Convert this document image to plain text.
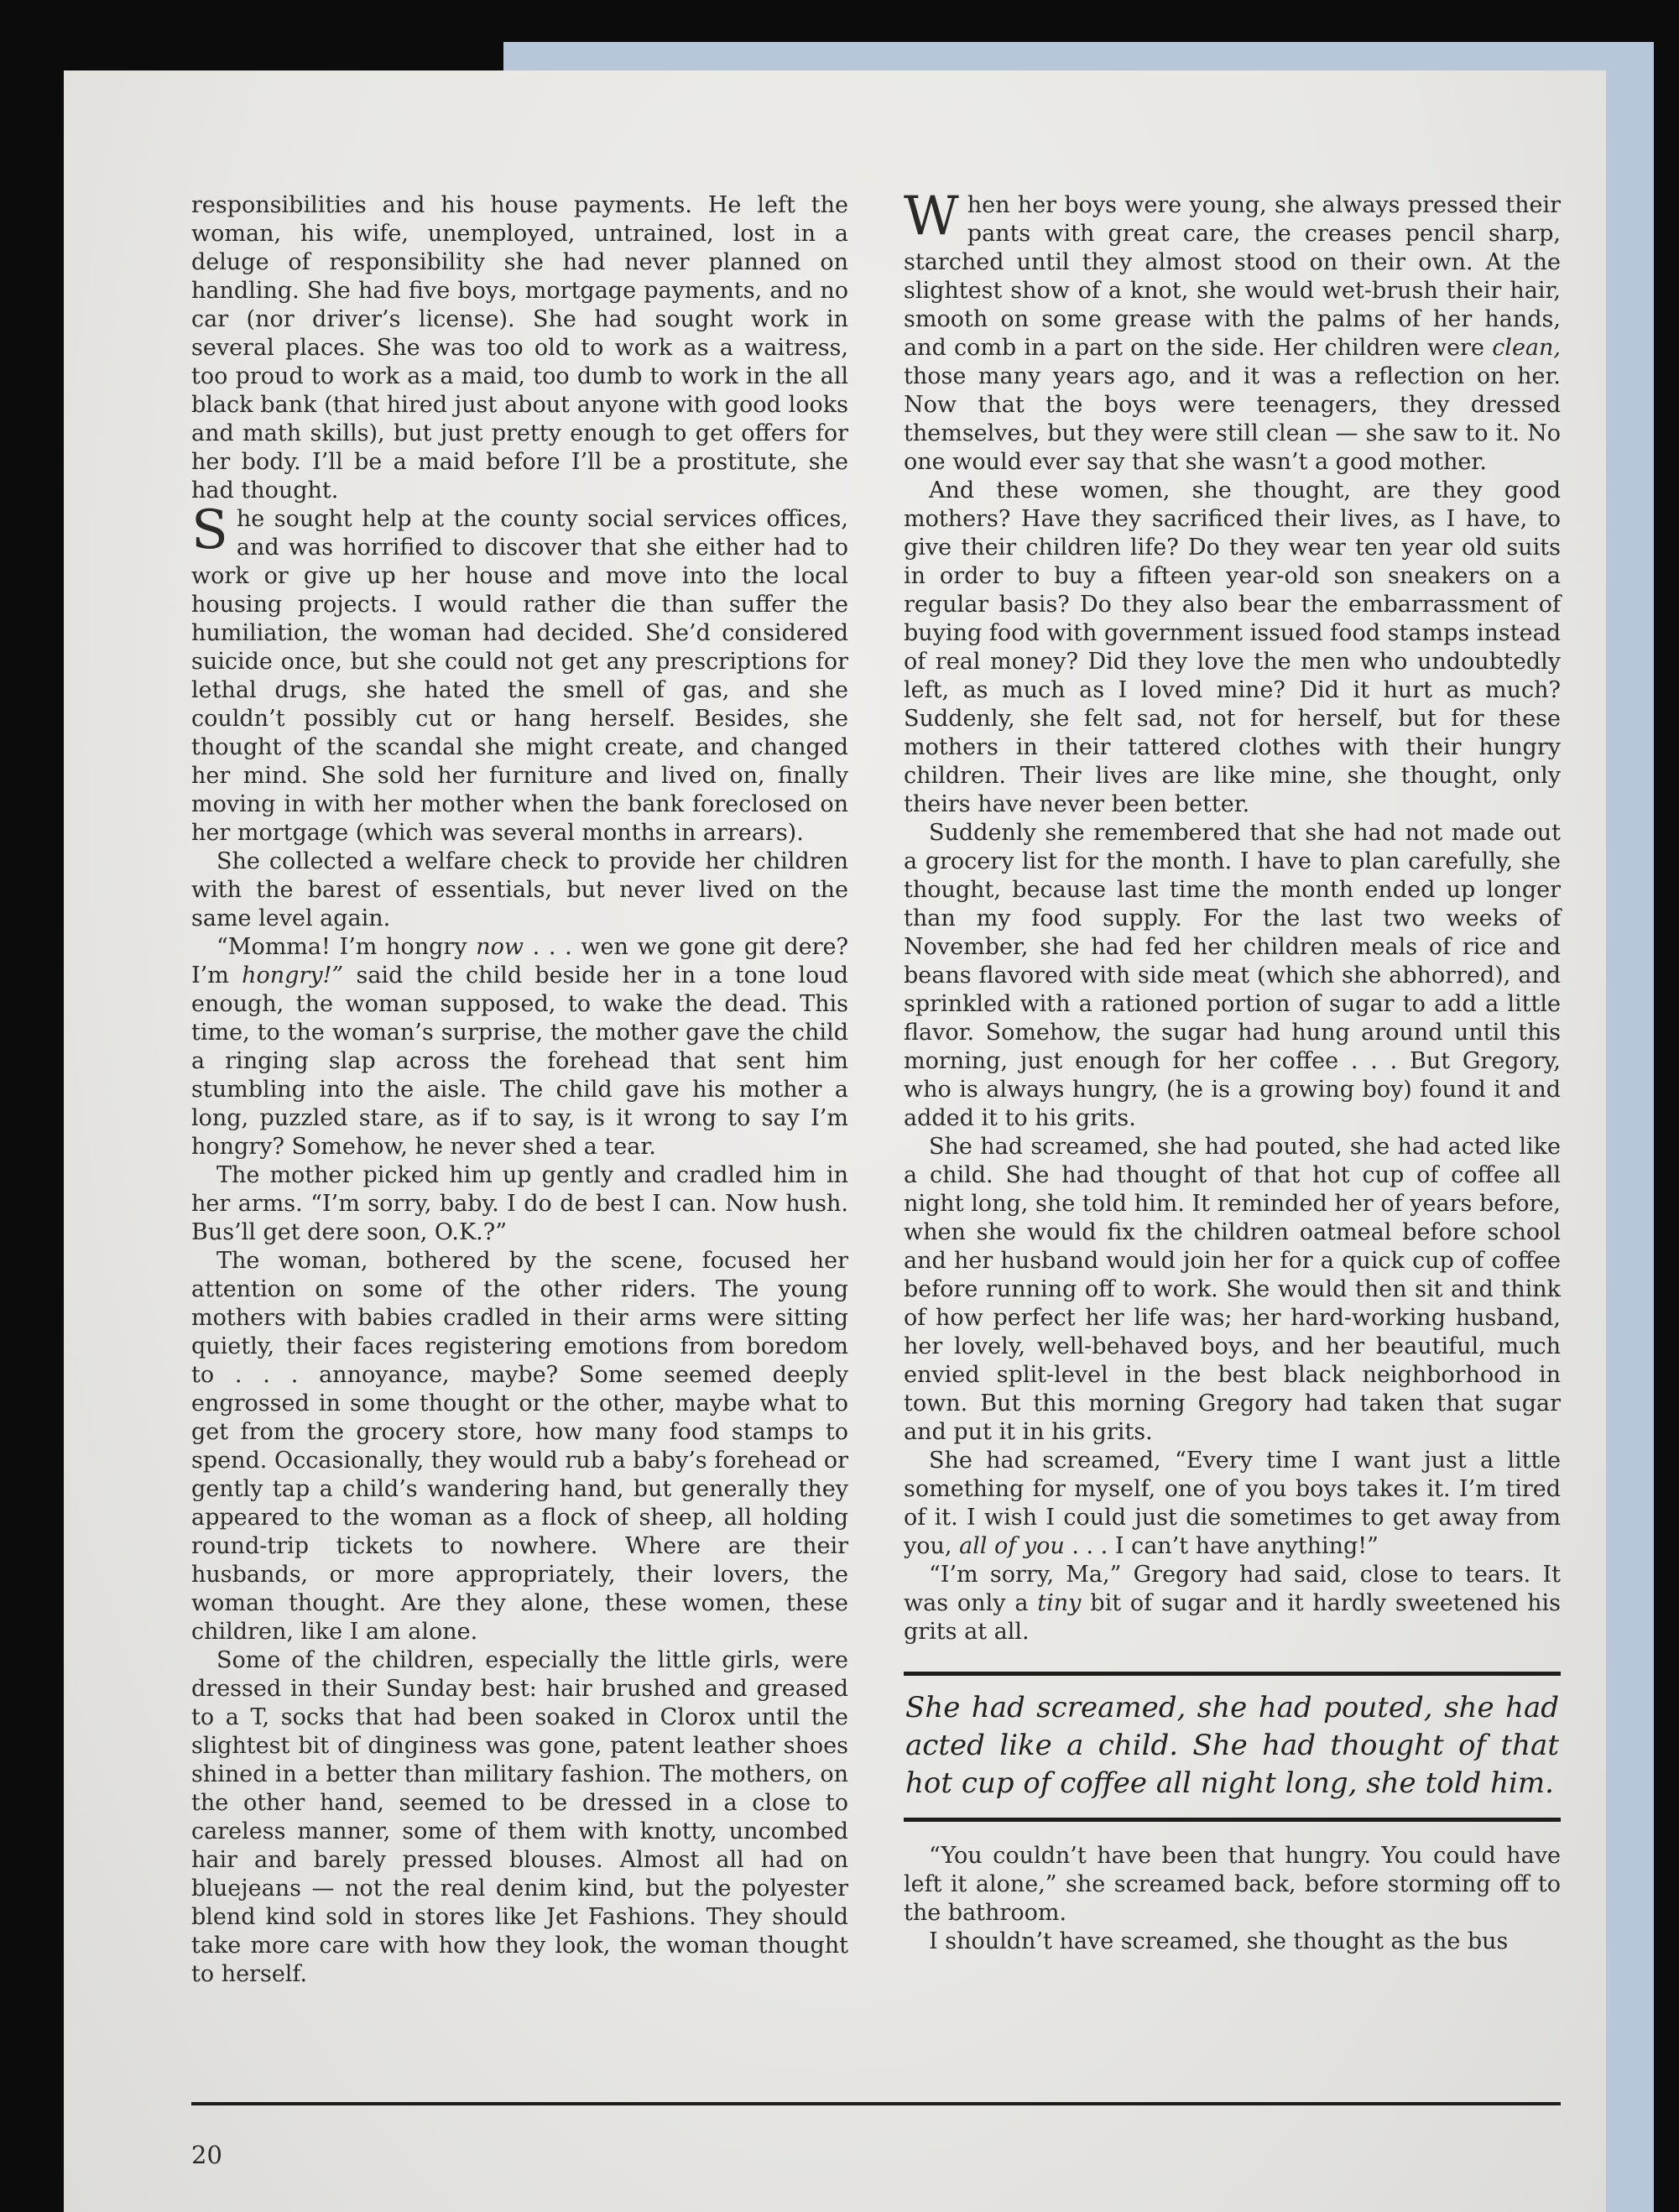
responsibilities and his house payments. He left the woman, his wife, unemployed, untrained, lost in a deluge of responsibility she had never planned on handling. She had five boys, mortgage payments, and no car (nor driver’s license). She had sought work in several places. She was too old to work as a waitress, too proud to work as a maid, too dumb to work in the all black bank (that hired just about anyone with good looks and math skills), but just pretty enough to get offers for her body. I’ll be a maid before I’ll be a prostitute, she had thought.

She sought help at the county social services offices, and was horrified to discover that she either had to work or give up her house and move into the local housing projects. I would rather die than suffer the humiliation, the woman had decided. She’d considered suicide once, but she could not get any prescriptions for lethal drugs, she hated the smell of gas, and she couldn’t possibly cut or hang herself. Besides, she thought of the scandal she might create, and changed her mind. She sold her furniture and lived on, finally moving in with her mother when the bank foreclosed on her mortgage (which was several months in arrears).

She collected a welfare check to provide her children with the barest of essentials, but never lived on the same level again.

“Momma! I’m hongry now . . . wen we gone git dere? I’m hongry!” said the child beside her in a tone loud enough, the woman supposed, to wake the dead. This time, to the woman’s surprise, the mother gave the child a ringing slap across the forehead that sent him stumbling into the aisle. The child gave his mother a long, puzzled stare, as if to say, is it wrong to say I’m hongry? Somehow, he never shed a tear.

The mother picked him up gently and cradled him in her arms. “I’m sorry, baby. I do de best I can. Now hush. Bus’ll get dere soon, O.K.?”

The woman, bothered by the scene, focused her attention on some of the other riders. The young mothers with babies cradled in their arms were sitting quietly, their faces registering emotions from boredom to . . . annoyance, maybe? Some seemed deeply engrossed in some thought or the other, maybe what to get from the grocery store, how many food stamps to spend. Occasionally, they would rub a baby’s forehead or gently tap a child’s wandering hand, but generally they appeared to the woman as a flock of sheep, all holding round-trip tickets to nowhere. Where are their husbands, or more appropriately, their lovers, the woman thought. Are they alone, these women, these children, like I am alone.

Some of the children, especially the little girls, were dressed in their Sunday best: hair brushed and greased to a T, socks that had been soaked in Clorox until the slightest bit of dinginess was gone, patent leather shoes shined in a better than military fashion. The mothers, on the other hand, seemed to be dressed in a close to careless manner, some of them with knotty, uncombed hair and barely pressed blouses. Almost all had on bluejeans — not the real denim kind, but the polyester blend kind sold in stores like Jet Fashions. They should take more care with how they look, the woman thought to herself.

When her boys were young, she always pressed their pants with great care, the creases pencil sharp, starched until they almost stood on their own. At the slightest show of a knot, she would wet-brush their hair, smooth on some grease with the palms of her hands, and comb in a part on the side. Her children were clean, those many years ago, and it was a reflection on her. Now that the boys were teenagers, they dressed themselves, but they were still clean — she saw to it. No one would ever say that she wasn’t a good mother.

And these women, she thought, are they good mothers? Have they sacrificed their lives, as I have, to give their children life? Do they wear ten year old suits in order to buy a fifteen year-old son sneakers on a regular basis? Do they also bear the embarrassment of buying food with government issued food stamps instead of real money? Did they love the men who undoubtedly left, as much as I loved mine? Did it hurt as much? Suddenly, she felt sad, not for herself, but for these mothers in their tattered clothes with their hungry children. Their lives are like mine, she thought, only theirs have never been better.

Suddenly she remembered that she had not made out a grocery list for the month. I have to plan carefully, she thought, because last time the month ended up longer than my food supply. For the last two weeks of November, she had fed her children meals of rice and beans flavored with side meat (which she abhorred), and sprinkled with a rationed portion of sugar to add a little flavor. Somehow, the sugar had hung around until this morning, just enough for her coffee . . . But Gregory, who is always hungry, (he is a growing boy) found it and added it to his grits.

She had screamed, she had pouted, she had acted like a child. She had thought of that hot cup of coffee all night long, she told him. It reminded her of years before, when she would fix the children oatmeal before school and her husband would join her for a quick cup of coffee before running off to work. She would then sit and think of how perfect her life was; her hard-working husband, her lovely, well-behaved boys, and her beautiful, much envied split-level in the best black neighborhood in town. But this morning Gregory had taken that sugar and put it in his grits.

She had screamed, “Every time I want just a little something for myself, one of you boys takes it. I’m tired of it. I wish I could just die sometimes to get away from you, all of you . . . I can’t have anything!”

“I’m sorry, Ma,” Gregory had said, close to tears. It was only a tiny bit of sugar and it hardly sweetened his grits at all.

She had screamed, she had pouted, she had acted like a child. She had thought of that hot cup of coffee all night long, she told him.

“You couldn’t have been that hungry. You could have left it alone,” she screamed back, before storming off to the bathroom.

I shouldn’t have screamed, she thought as the bus

20
